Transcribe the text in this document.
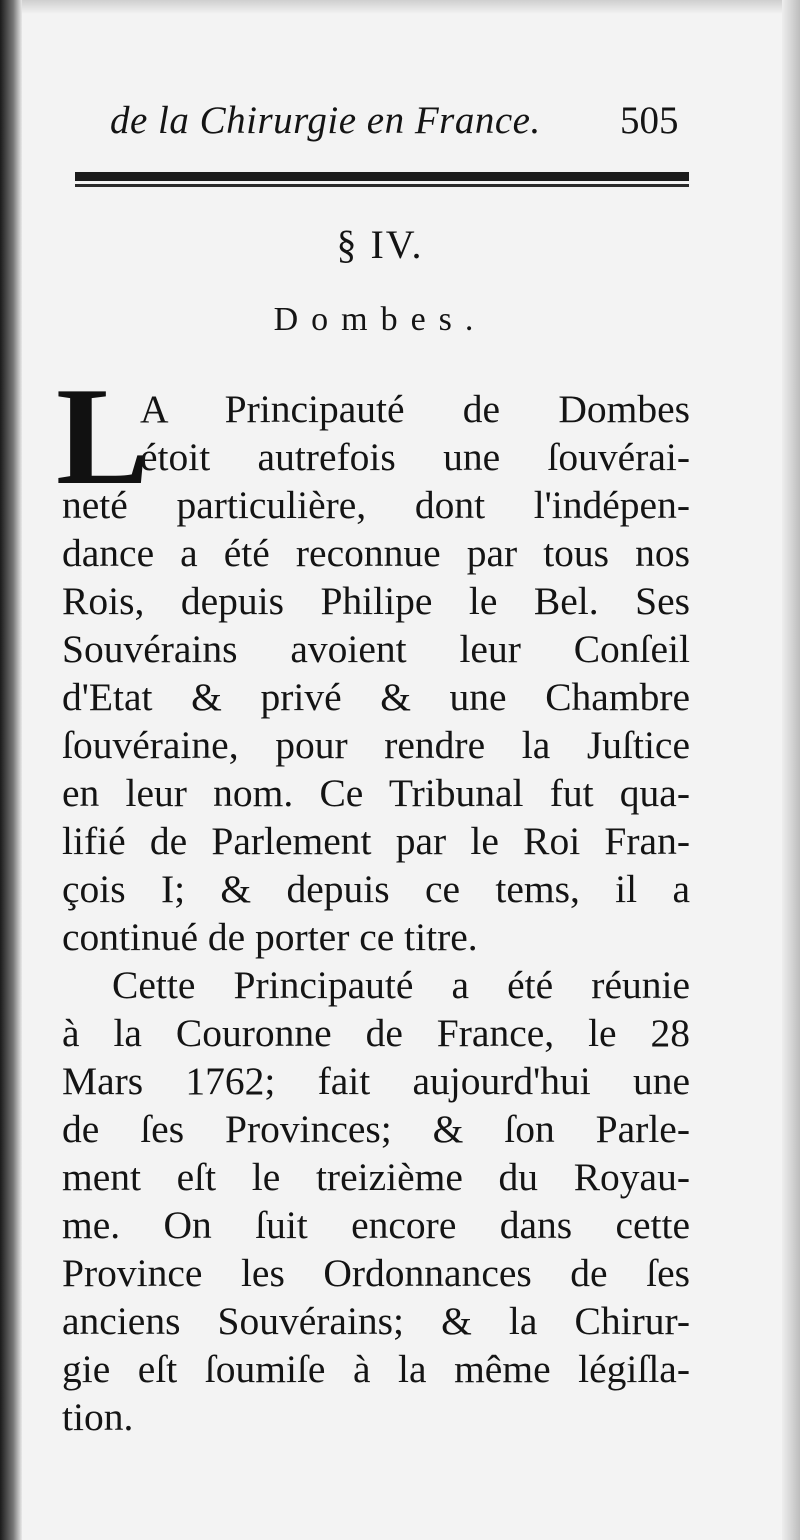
de la Chirurgie en France.	505
§ IV.
Dombes.
L
A Principauté de Dombes
étoit autrefois une ſouvérai-
neté particulière, dont l'indépen-
dance a été reconnue par tous nos
Rois, depuis Philipe le Bel. Ses
Souvérains avoient leur Conſeil
d'Etat & privé & une Chambre
ſouvéraine, pour rendre la Juſtice
en leur nom. Ce Tribunal fut qua-
lifié de Parlement par le Roi Fran-
çois I; & depuis ce tems, il a
continué de porter ce titre.
Cette Principauté a été réunie
à la Couronne de France, le 28
Mars 1762; fait aujourd'hui une
de ſes Provinces; & ſon Parle-
ment eſt le treizième du Royau-
me. On ſuit encore dans cette
Province les Ordonnances de ſes
anciens Souvérains; & la Chirur-
gie eſt ſoumiſe à la même légiſla-
tion.
